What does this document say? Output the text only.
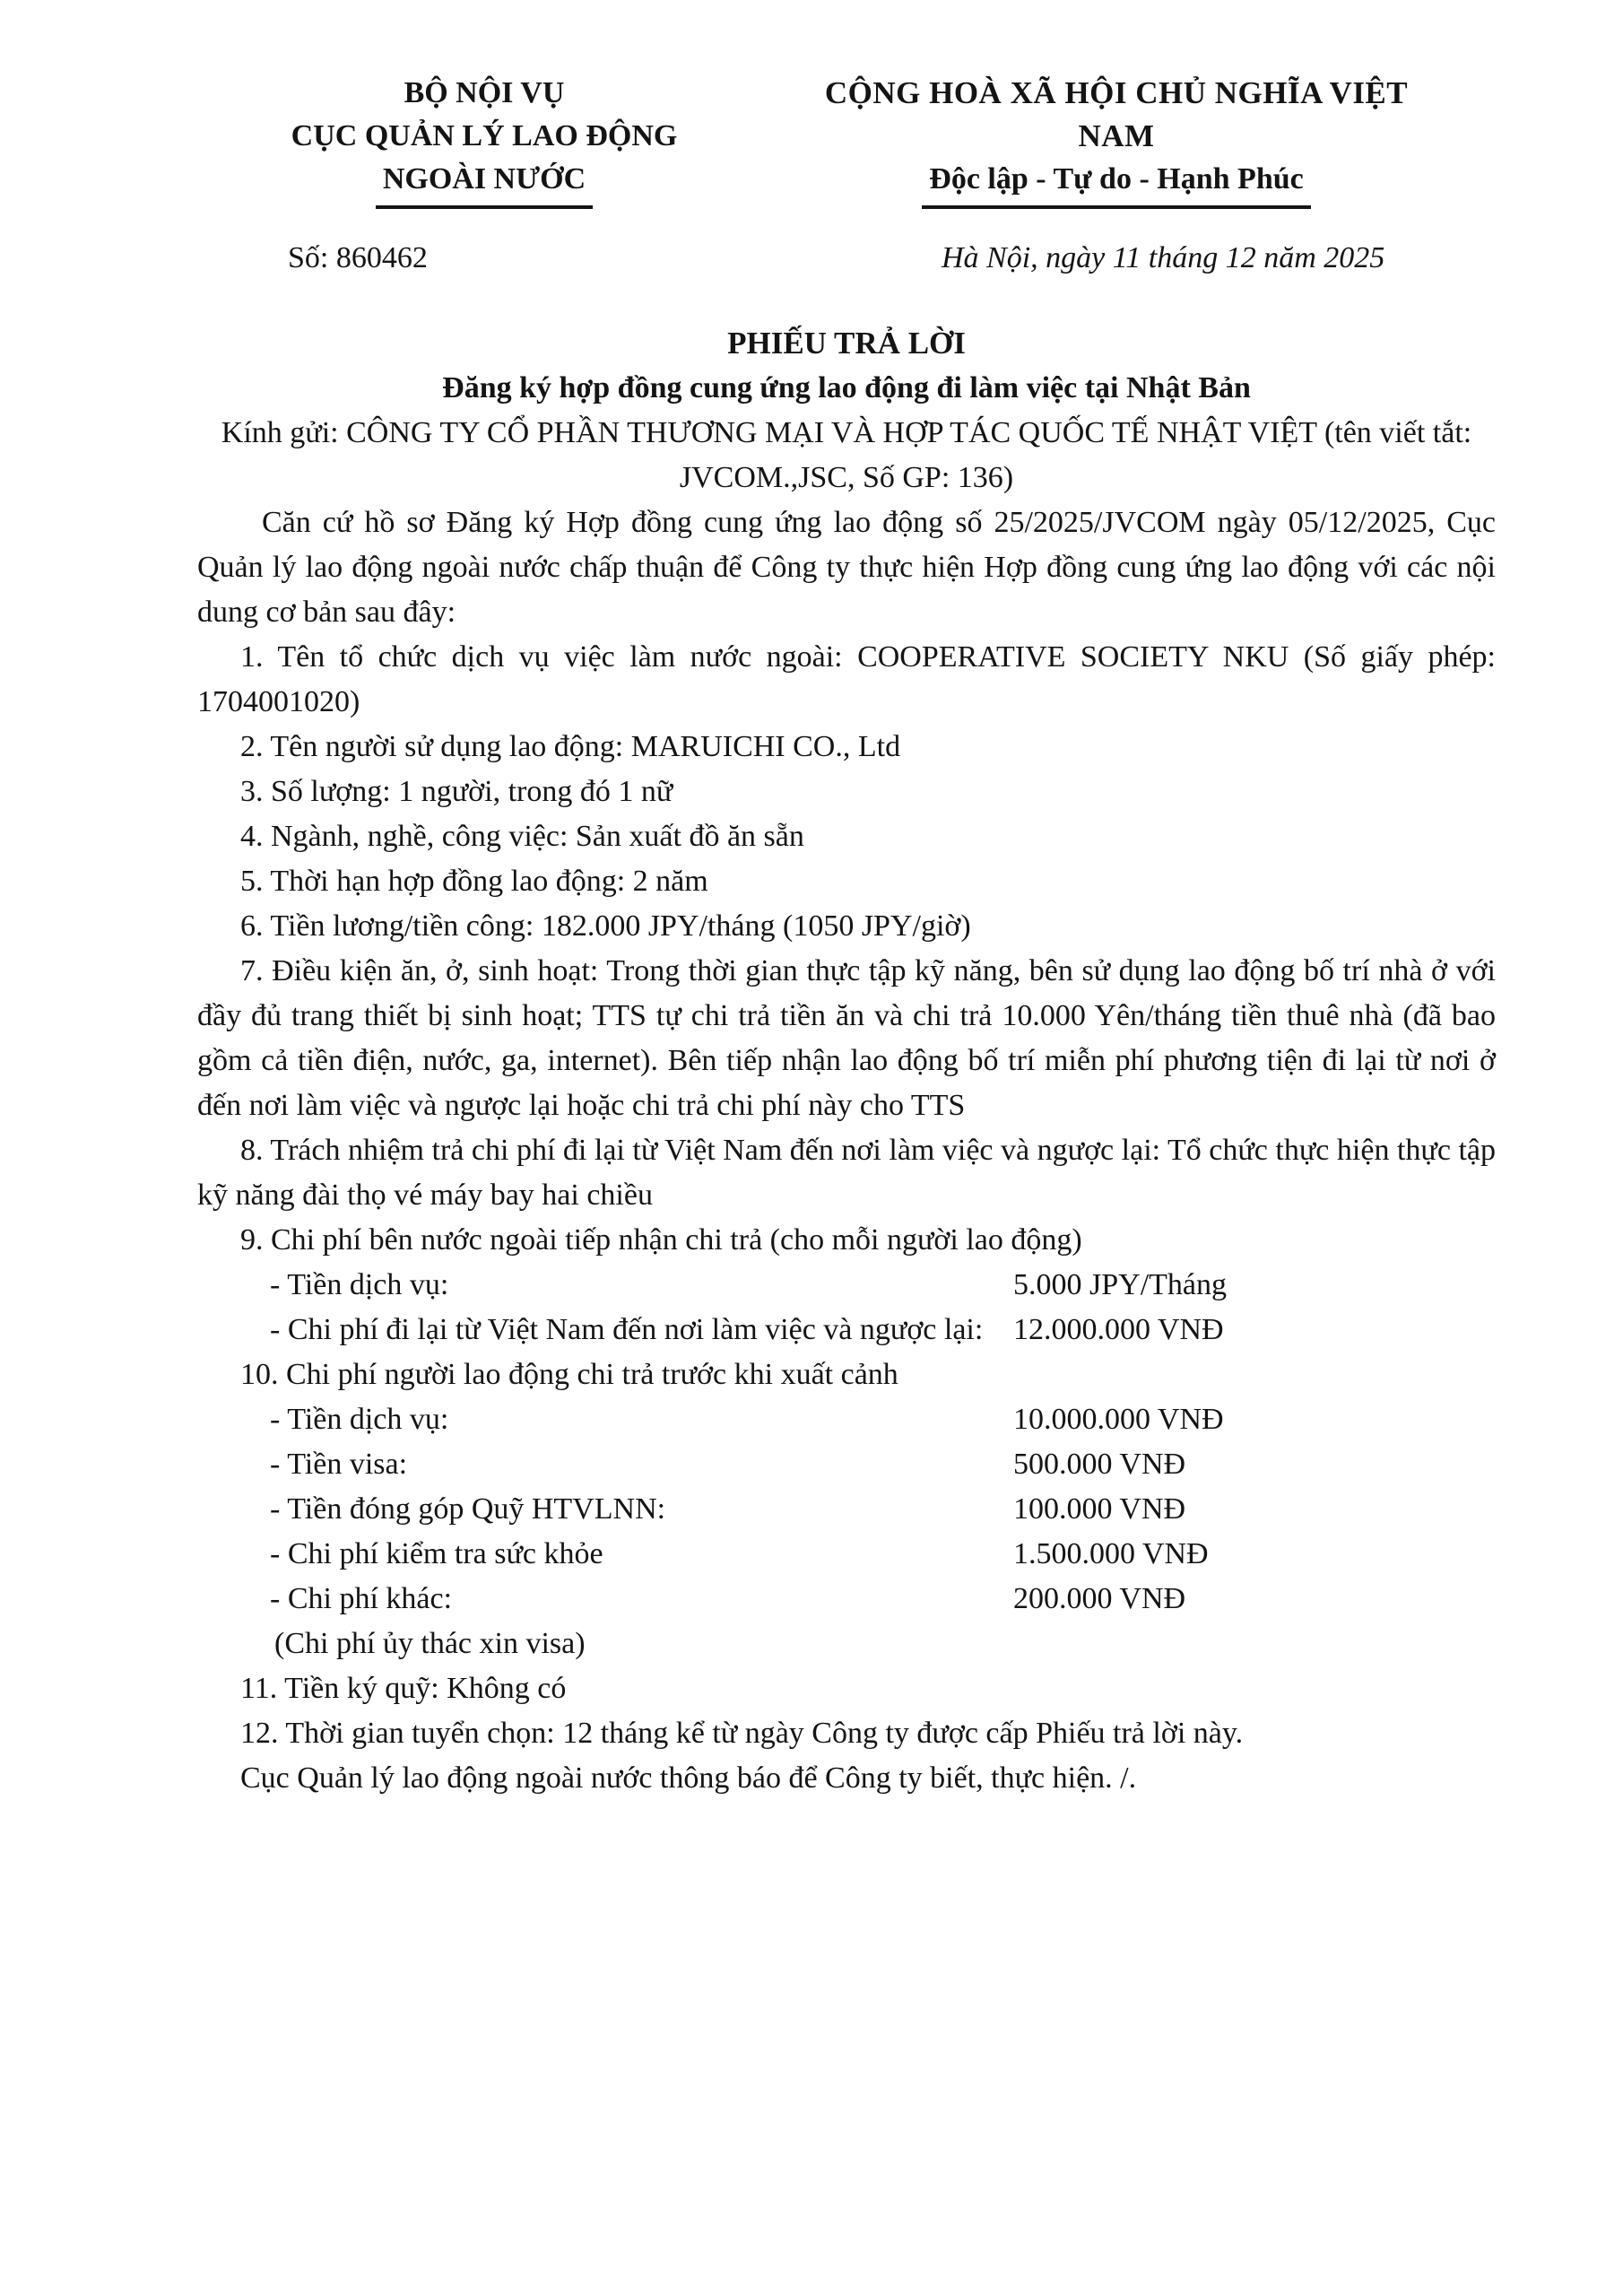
BỘ NỘI VỤ
CỤC QUẢN LÝ LAO ĐỘNG
NGOÀI NƯỚC
CỘNG HOÀ XÃ HỘI CHỦ NGHĨA VIỆT NAM
Độc lập - Tự do - Hạnh Phúc
Số: 860462	Hà Nội, ngày 11 tháng 12 năm 2025

PHIẾU TRẢ LỜI

Đăng ký hợp đồng cung ứng lao động đi làm việc tại Nhật Bản

Kính gửi: CÔNG TY CỔ PHẦN THƯƠNG MẠI VÀ HỢP TÁC QUỐC TẾ NHẬT VIỆT (tên viết tắt:

JVCOM.,JSC, Số GP: 136)

Căn cứ hồ sơ Đăng ký Hợp đồng cung ứng lao động số 25/2025/JVCOM ngày 05/12/2025, Cục Quản lý lao động ngoài nước chấp thuận để Công ty thực hiện Hợp đồng cung ứng lao động với các nội dung cơ bản sau đây:

1. Tên tổ chức dịch vụ việc làm nước ngoài: COOPERATIVE SOCIETY NKU (Số giấy phép: 1704001020)

2. Tên người sử dụng lao động: MARUICHI CO., Ltd

3. Số lượng: 1 người, trong đó 1 nữ

4. Ngành, nghề, công việc: Sản xuất đồ ăn sẵn

5. Thời hạn hợp đồng lao động: 2 năm

6. Tiền lương/tiền công: 182.000 JPY/tháng (1050 JPY/giờ)

7. Điều kiện ăn, ở, sinh hoạt: Trong thời gian thực tập kỹ năng, bên sử dụng lao động bố trí nhà ở với đầy đủ trang thiết bị sinh hoạt; TTS tự chi trả tiền ăn và chi trả 10.000 Yên/tháng tiền thuê nhà (đã bao gồm cả tiền điện, nước, ga, internet). Bên tiếp nhận lao động bố trí miễn phí phương tiện đi lại từ nơi ở đến nơi làm việc và ngược lại hoặc chi trả chi phí này cho TTS

8. Trách nhiệm trả chi phí đi lại từ Việt Nam đến nơi làm việc và ngược lại: Tổ chức thực hiện thực tập kỹ năng đài thọ vé máy bay hai chiều

9. Chi phí bên nước ngoài tiếp nhận chi trả (cho mỗi người lao động)

- Tiền dịch vụ:	5.000 JPY/Tháng
- Chi phí đi lại từ Việt Nam đến nơi làm việc và ngược lại: 12.000.000 VNĐ

10. Chi phí người lao động chi trả trước khi xuất cảnh

- Tiền dịch vụ:	10.000.000 VNĐ
- Tiền visa:	500.000 VNĐ
- Tiền đóng góp Quỹ HTVLNN:	100.000 VNĐ
- Chi phí kiểm tra sức khỏe	1.500.000 VNĐ
- Chi phí khác:	200.000 VNĐ

(Chi phí ủy thác xin visa)

11. Tiền ký quỹ: Không có

12. Thời gian tuyển chọn: 12 tháng kể từ ngày Công ty được cấp Phiếu trả lời này.

Cục Quản lý lao động ngoài nước thông báo để Công ty biết, thực hiện. /.
